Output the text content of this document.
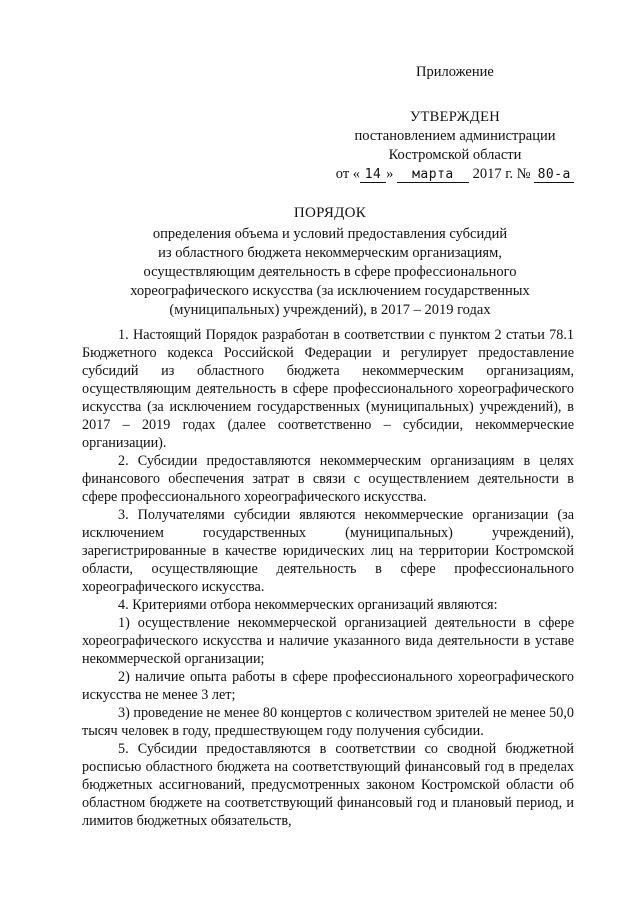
Приложение
УТВЕРЖДЕН
постановлением администрации
Костромской области
от « 14 » марта 2017 г. № 80-а
ПОРЯДОК
определения объема и условий предоставления субсидий
из областного бюджета некоммерческим организациям,
осуществляющим деятельность в сфере профессионального
хореографического искусства (за исключением государственных
(муниципальных) учреждений), в 2017 – 2019 годах

1. Настоящий Порядок разработан в соответствии с пунктом 2 статьи 78.1 Бюджетного кодекса Российской Федерации и регулирует предоставление субсидий из областного бюджета некоммерческим организациям, осуществляющим деятельность в сфере профессионального хореографического искусства (за исключением государственных (муниципальных) учреждений), в 2017 – 2019 годах (далее соответственно – субсидии, некоммерческие организации).

2. Субсидии предоставляются некоммерческим организациям в целях финансового обеспечения затрат в связи с осуществлением деятельности в сфере профессионального хореографического искусства.

3. Получателями субсидии являются некоммерческие организации (за исключением государственных (муниципальных) учреждений), зарегистрированные в качестве юридических лиц на территории Костромской области, осуществляющие деятельность в сфере профессионального хореографического искусства.

4. Критериями отбора некоммерческих организаций являются:

1) осуществление некоммерческой организацией деятельности в сфере хореографического искусства и наличие указанного вида деятельности в уставе некоммерческой организации;

2) наличие опыта работы в сфере профессионального хореографического искусства не менее 3 лет;

3) проведение не менее 80 концертов с количеством зрителей не менее 50,0 тысяч человек в году, предшествующем году получения субсидии.

5. Субсидии предоставляются в соответствии со сводной бюджетной росписью областного бюджета на соответствующий финансовый год в пределах бюджетных ассигнований, предусмотренных законом Костромской области об областном бюджете на соответствующий финансовый год и плановый период, и лимитов бюджетных обязательств,
